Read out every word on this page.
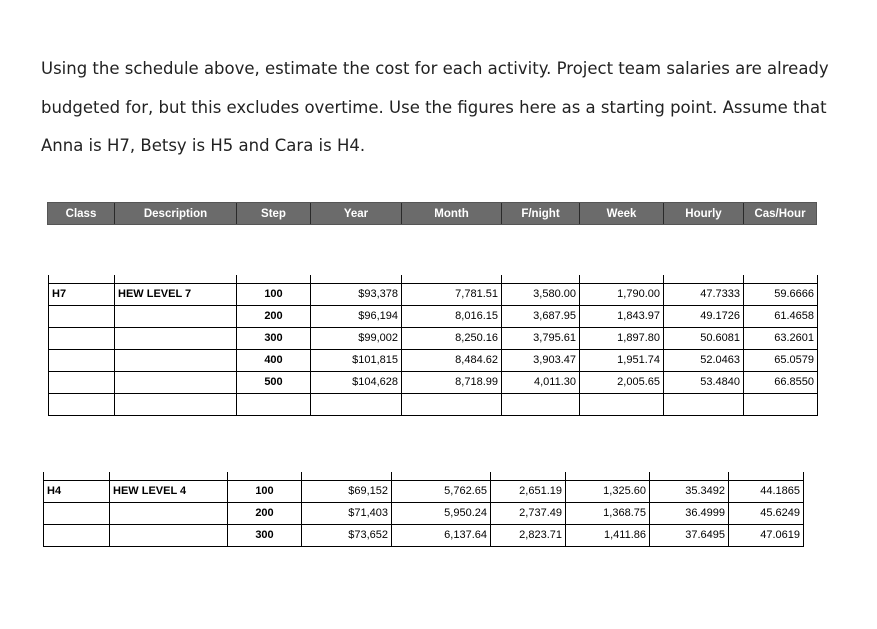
Using the schedule above, estimate the cost for each activity. Project team salaries are already

budgeted for, but this excludes overtime. Use the figures here as a starting point. Assume that

Anna is H7, Betsy is H5 and Cara is H4.

Class	Description	Step	Year	Month	F/night	Week	Hourly	Cas/Hour

H7	HEW LEVEL 7	100	$93,378	7,781.51	3,580.00	1,790.00	47.7333	59.6666
		200	$96,194	8,016.15	3,687.95	1,843.97	49.1726	61.4658
		300	$99,002	8,250.16	3,795.61	1,897.80	50.6081	63.2601
		400	$101,815	8,484.62	3,903.47	1,951.74	52.0463	65.0579
		500	$104,628	8,718.99	4,011.30	2,005.65	53.4840	66.8550

H4	HEW LEVEL 4	100	$69,152	5,762.65	2,651.19	1,325.60	35.3492	44.1865
		200	$71,403	5,950.24	2,737.49	1,368.75	36.4999	45.6249
		300	$73,652	6,137.64	2,823.71	1,411.86	37.6495	47.0619
